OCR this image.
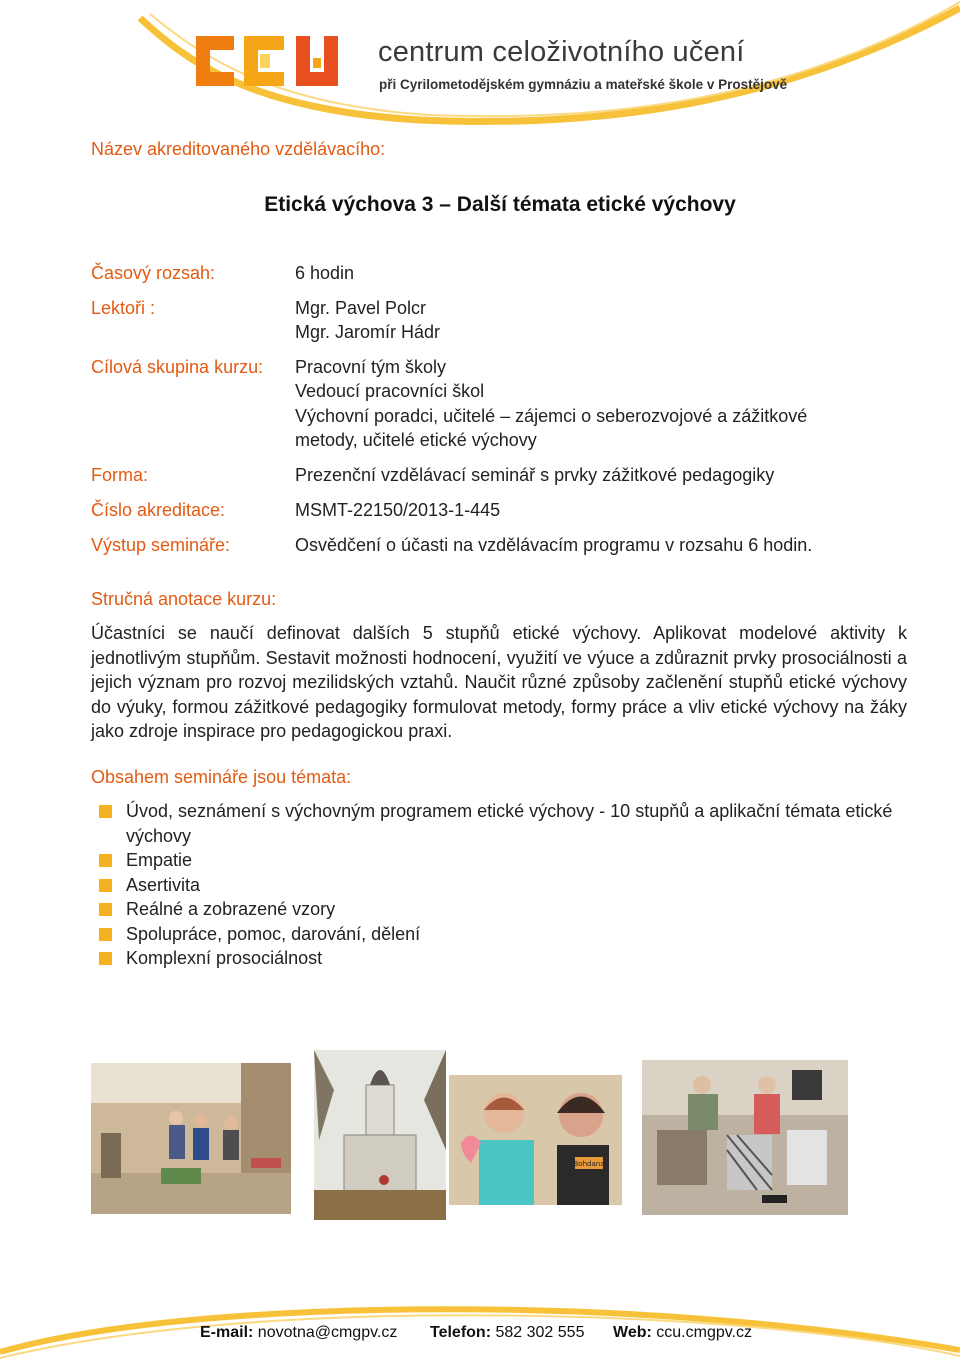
centrum celoživotního učení
při Cyrilometodějském gymnáziu a mateřské škole v Prostějově
Název akreditovaného vzdělávacího:
Etická výchova 3 – Další témata etické výchovy
Časový rozsah:	6 hodin
Lektoři :	Mgr. Pavel Polcr
Mgr. Jaromír Hádr
Cílová skupina kurzu: Pracovní tým školy
Vedoucí pracovníci škol
Výchovní poradci, učitelé – zájemci o seberozvojové a zážitkové
metody, učitelé etické výchovy
Forma:	Prezenční vzdělávací seminář s prvky zážitkové pedagogiky
Číslo akreditace:	MSMT-22150/2013-1-445
Výstup semináře:	Osvědčení o účasti na vzdělávacím programu v rozsahu 6 hodin.
Stručná anotace kurzu:

Účastníci se naučí definovat dalších 5 stupňů etické výchovy. Aplikovat modelové aktivity k jednotlivým stupňům. Sestavit možnosti hodnocení, využití ve výuce a zdůraznit prvky prosociálnosti a jejich význam pro rozvoj mezilidských vztahů. Naučit různé způsoby začlenění stupňů etické výchovy do výuky, formou zážitkové pedagogiky formulovat metody, formy práce a vliv etické výchovy na žáky jako zdroje inspirace pro pedagogickou praxi.

Obsahem semináře jsou témata:
Úvod, seznámení s výchovným programem etické výchovy - 10 stupňů a aplikační témata etické výchovy
Empatie
Asertivita
Reálné a zobrazené vzory
Spolupráce, pomoc, darování, dělení
Komplexní prosociálnost
Bohdana
E-mail: novotna@cmgpv.cz Telefon: 582 302 555 Web: ccu.cmgpv.cz
